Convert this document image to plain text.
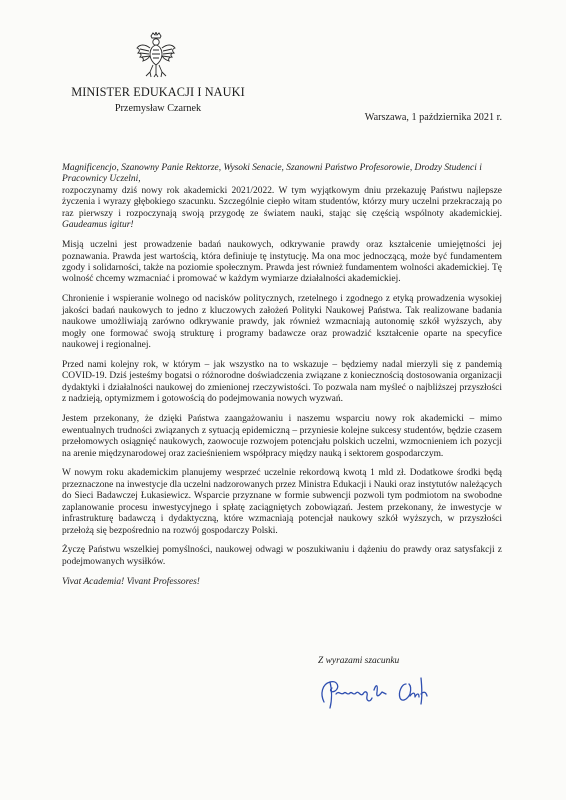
MINISTER EDUKACJI I NAUKI
Przemysław Czarnek
Warszawa, 1 października 2021 r.

Magnificencjo, Szanowny Panie Rektorze, Wysoki Senacie, Szanowni Państwo Profesorowie, Drodzy Studenci i Pracownicy Uczelni,

rozpoczynamy dziś nowy rok akademicki 2021/2022. W tym wyjątkowym dniu przekazuję Państwu najlepsze życzenia i wyrazy głębokiego szacunku. Szczególnie ciepło witam studentów, którzy mury uczelni przekraczają po raz pierwszy i rozpoczynają swoją przygodę ze światem nauki, stając się częścią wspólnoty akademickiej. Gaudeamus igitur!

Misją uczelni jest prowadzenie badań naukowych, odkrywanie prawdy oraz kształcenie umiejętności jej poznawania. Prawda jest wartością, która definiuje tę instytucję. Ma ona moc jednoczącą, może być fundamentem zgody i solidarności, także na poziomie społecznym. Prawda jest również fundamentem wolności akademickiej. Tę wolność chcemy wzmacniać i promować w każdym wymiarze działalności akademickiej.

Chronienie i wspieranie wolnego od nacisków politycznych, rzetelnego i zgodnego z etyką prowadzenia wysokiej jakości badań naukowych to jedno z kluczowych założeń Polityki Naukowej Państwa. Tak realizowane badania naukowe umożliwiają zarówno odkrywanie prawdy, jak również wzmacniają autonomię szkół wyższych, aby mogły one formować swoją strukturę i programy badawcze oraz prowadzić kształcenie oparte na specyfice naukowej i regionalnej.

Przed nami kolejny rok, w którym – jak wszystko na to wskazuje – będziemy nadal mierzyli się z pandemią COVID-19. Dziś jesteśmy bogatsi o różnorodne doświadczenia związane z koniecznością dostosowania organizacji dydaktyki i działalności naukowej do zmienionej rzeczywistości. To pozwala nam myśleć o najbliższej przyszłości z nadzieją, optymizmem i gotowością do podejmowania nowych wyzwań.

Jestem przekonany, że dzięki Państwa zaangażowaniu i naszemu wsparciu nowy rok akademicki – mimo ewentualnych trudności związanych z sytuacją epidemiczną – przyniesie kolejne sukcesy studentów, będzie czasem przełomowych osiągnięć naukowych, zaowocuje rozwojem potencjału polskich uczelni, wzmocnieniem ich pozycji na arenie międzynarodowej oraz zacieśnieniem współpracy między nauką i sektorem gospodarczym.

W nowym roku akademickim planujemy wesprzeć uczelnie rekordową kwotą 1 mld zł. Dodatkowe środki będą przeznaczone na inwestycje dla uczelni nadzorowanych przez Ministra Edukacji i Nauki oraz instytutów należących do Sieci Badawczej Łukasiewicz. Wsparcie przyznane w formie subwencji pozwoli tym podmiotom na swobodne zaplanowanie procesu inwestycyjnego i spłatę zaciągniętych zobowiązań. Jestem przekonany, że inwestycje w infrastrukturę badawczą i dydaktyczną, które wzmacniają potencjał naukowy szkół wyższych, w przyszłości przełożą się bezpośrednio na rozwój gospodarczy Polski.

Życzę Państwu wszelkiej pomyślności, naukowej odwagi w poszukiwaniu i dążeniu do prawdy oraz satysfakcji z podejmowanych wysiłków.

Vivat Academia! Vivant Professores!

Z wyrazami szacunku
